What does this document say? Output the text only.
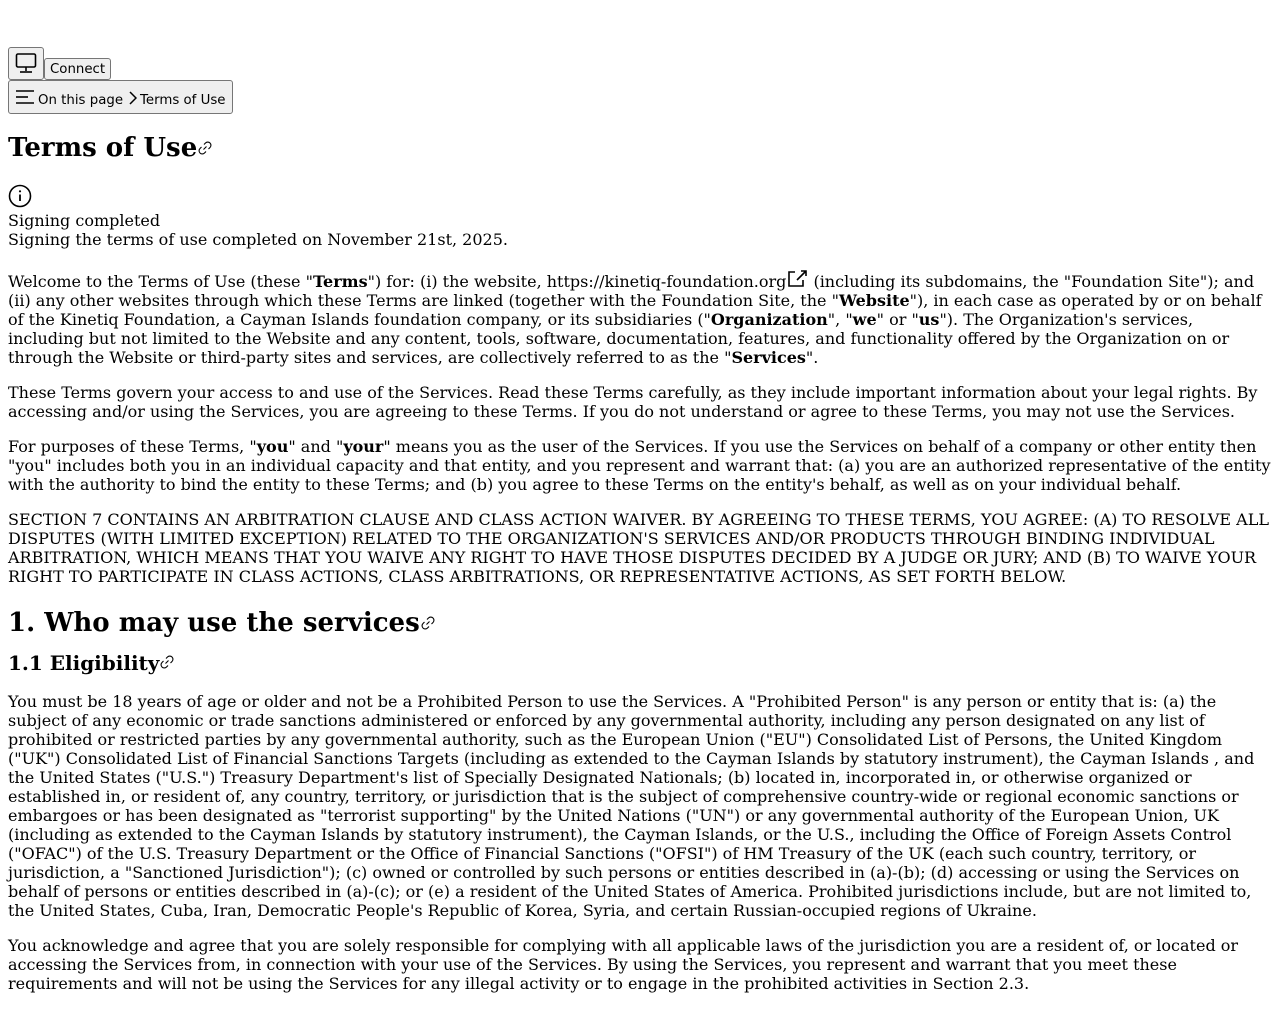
Connect
On this page Terms of Use
Terms of Use
Signing completed
Signing the terms of use completed on November 21st, 2025.

Welcome to the Terms of Use (these "Terms") for: (i) the website, https://kinetiq-foundation.org (including its subdomains, the "Foundation Site"); and (ii) any other websites through which these Terms are linked (together with the Foundation Site, the "Website"), in each case as operated by or on behalf of the Kinetiq Foundation, a Cayman Islands foundation company, or its subsidiaries ("Organization", "we" or "us"). The Organization's services, including but not limited to the Website and any content, tools, software, documentation, features, and functionality offered by the Organization on or through the Website or third-party sites and services, are collectively referred to as the "Services".

These Terms govern your access to and use of the Services. Read these Terms carefully, as they include important information about your legal rights. By accessing and/or using the Services, you are agreeing to these Terms. If you do not understand or agree to these Terms, you may not use the Services.

For purposes of these Terms, "you" and "your" means you as the user of the Services. If you use the Services on behalf of a company or other entity then "you" includes both you in an individual capacity and that entity, and you represent and warrant that: (a) you are an authorized representative of the entity with the authority to bind the entity to these Terms; and (b) you agree to these Terms on the entity's behalf, as well as on your individual behalf.

SECTION 7 CONTAINS AN ARBITRATION CLAUSE AND CLASS ACTION WAIVER. BY AGREEING TO THESE TERMS, YOU AGREE: (A) TO RESOLVE ALL DISPUTES (WITH LIMITED EXCEPTION) RELATED TO THE ORGANIZATION'S SERVICES AND/OR PRODUCTS THROUGH BINDING INDIVIDUAL ARBITRATION, WHICH MEANS THAT YOU WAIVE ANY RIGHT TO HAVE THOSE DISPUTES DECIDED BY A JUDGE OR JURY; AND (B) TO WAIVE YOUR RIGHT TO PARTICIPATE IN CLASS ACTIONS, CLASS ARBITRATIONS, OR REPRESENTATIVE ACTIONS, AS SET FORTH BELOW.

1. Who may use the services
1.1 Eligibility

You must be 18 years of age or older and not be a Prohibited Person to use the Services. A "Prohibited Person" is any person or entity that is: (a) the subject of any economic or trade sanctions administered or enforced by any governmental authority, including any person designated on any list of prohibited or restricted parties by any governmental authority, such as the European Union ("EU") Consolidated List of Persons, the United Kingdom ("UK") Consolidated List of Financial Sanctions Targets (including as extended to the Cayman Islands by statutory instrument), the Cayman Islands , and the United States ("U.S.") Treasury Department's list of Specially Designated Nationals; (b) located in, incorporated in, or otherwise organized or established in, or resident of, any country, territory, or jurisdiction that is the subject of comprehensive country-wide or regional economic sanctions or embargoes or has been designated as "terrorist supporting" by the United Nations ("UN") or any governmental authority of the European Union, UK (including as extended to the Cayman Islands by statutory instrument), the Cayman Islands, or the U.S., including the Office of Foreign Assets Control ("OFAC") of the U.S. Treasury Department or the Office of Financial Sanctions ("OFSI") of HM Treasury of the UK (each such country, territory, or jurisdiction, a "Sanctioned Jurisdiction"); (c) owned or controlled by such persons or entities described in (a)-(b); (d) accessing or using the Services on behalf of persons or entities described in (a)-(c); or (e) a resident of the United States of America. Prohibited jurisdictions include, but are not limited to, the United States, Cuba, Iran, Democratic People's Republic of Korea, Syria, and certain Russian-occupied regions of Ukraine.

You acknowledge and agree that you are solely responsible for complying with all applicable laws of the jurisdiction you are a resident of, or located or accessing the Services from, in connection with your use of the Services. By using the Services, you represent and warrant that you meet these requirements and will not be using the Services for any illegal activity or to engage in the prohibited activities in Section 2.3.
